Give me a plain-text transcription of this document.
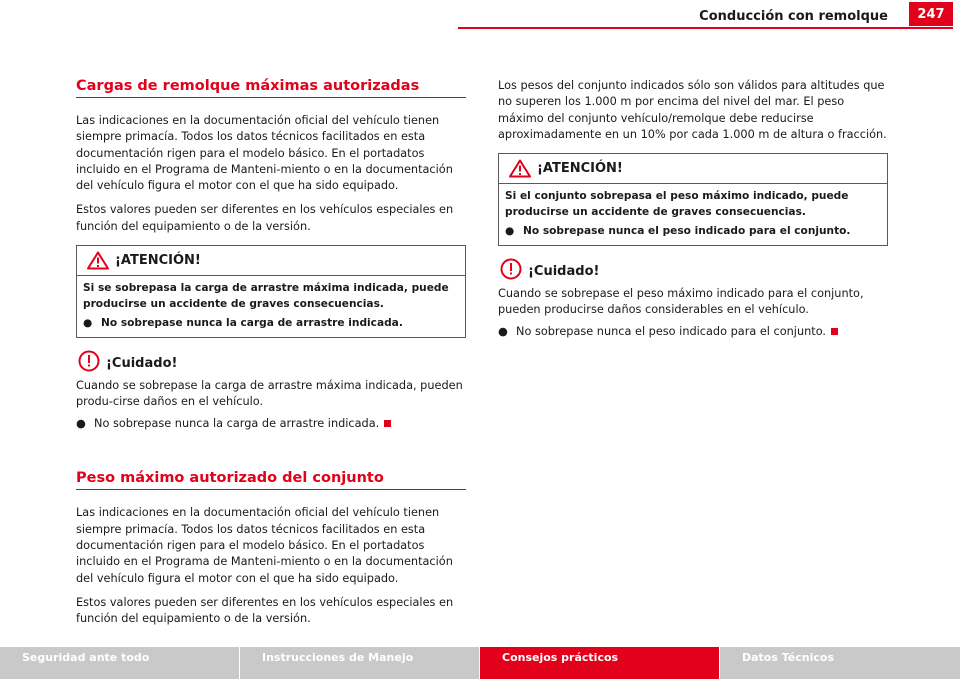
Conducción con remolque	247
Cargas de remolque máximas autorizadas

Las indicaciones en la documentación oficial del vehículo tienen siempre primacía. Todos los datos técnicos facilitados en esta documentación rigen para el modelo básico. En el portadatos incluido en el Programa de Manteni-miento o en la documentación del vehículo figura el motor con el que ha sido equipado.

Estos valores pueden ser diferentes en los vehículos especiales en función del equipamiento o de la versión.

¡ATENCIÓN!
Si se sobrepasa la carga de arrastre máxima indicada, puede producirse un accidente de graves consecuencias.
● No sobrepase nunca la carga de arrastre indicada.
¡Cuidado!
Cuando se sobrepase la carga de arrastre máxima indicada, pueden produ-cirse daños en el vehículo.
● No sobrepase nunca la carga de arrastre indicada.
Peso máximo autorizado del conjunto

Las indicaciones en la documentación oficial del vehículo tienen siempre primacía. Todos los datos técnicos facilitados en esta documentación rigen para el modelo básico. En el portadatos incluido en el Programa de Manteni-miento o en la documentación del vehículo figura el motor con el que ha sido equipado.

Estos valores pueden ser diferentes en los vehículos especiales en función del equipamiento o de la versión.

Los pesos del conjunto indicados sólo son válidos para altitudes que no superen los 1.000 m por encima del nivel del mar. El peso máximo del conjunto vehículo/remolque debe reducirse aproximadamente en un 10% por cada 1.000 m de altura o fracción.

¡ATENCIÓN!
Si el conjunto sobrepasa el peso máximo indicado, puede producirse un accidente de graves consecuencias.
● No sobrepase nunca el peso indicado para el conjunto.
¡Cuidado!
Cuando se sobrepase el peso máximo indicado para el conjunto, pueden producirse daños considerables en el vehículo.
● No sobrepase nunca el peso indicado para el conjunto.
Seguridad ante todo	Instrucciones de Manejo	Consejos prácticos	Datos Técnicos
